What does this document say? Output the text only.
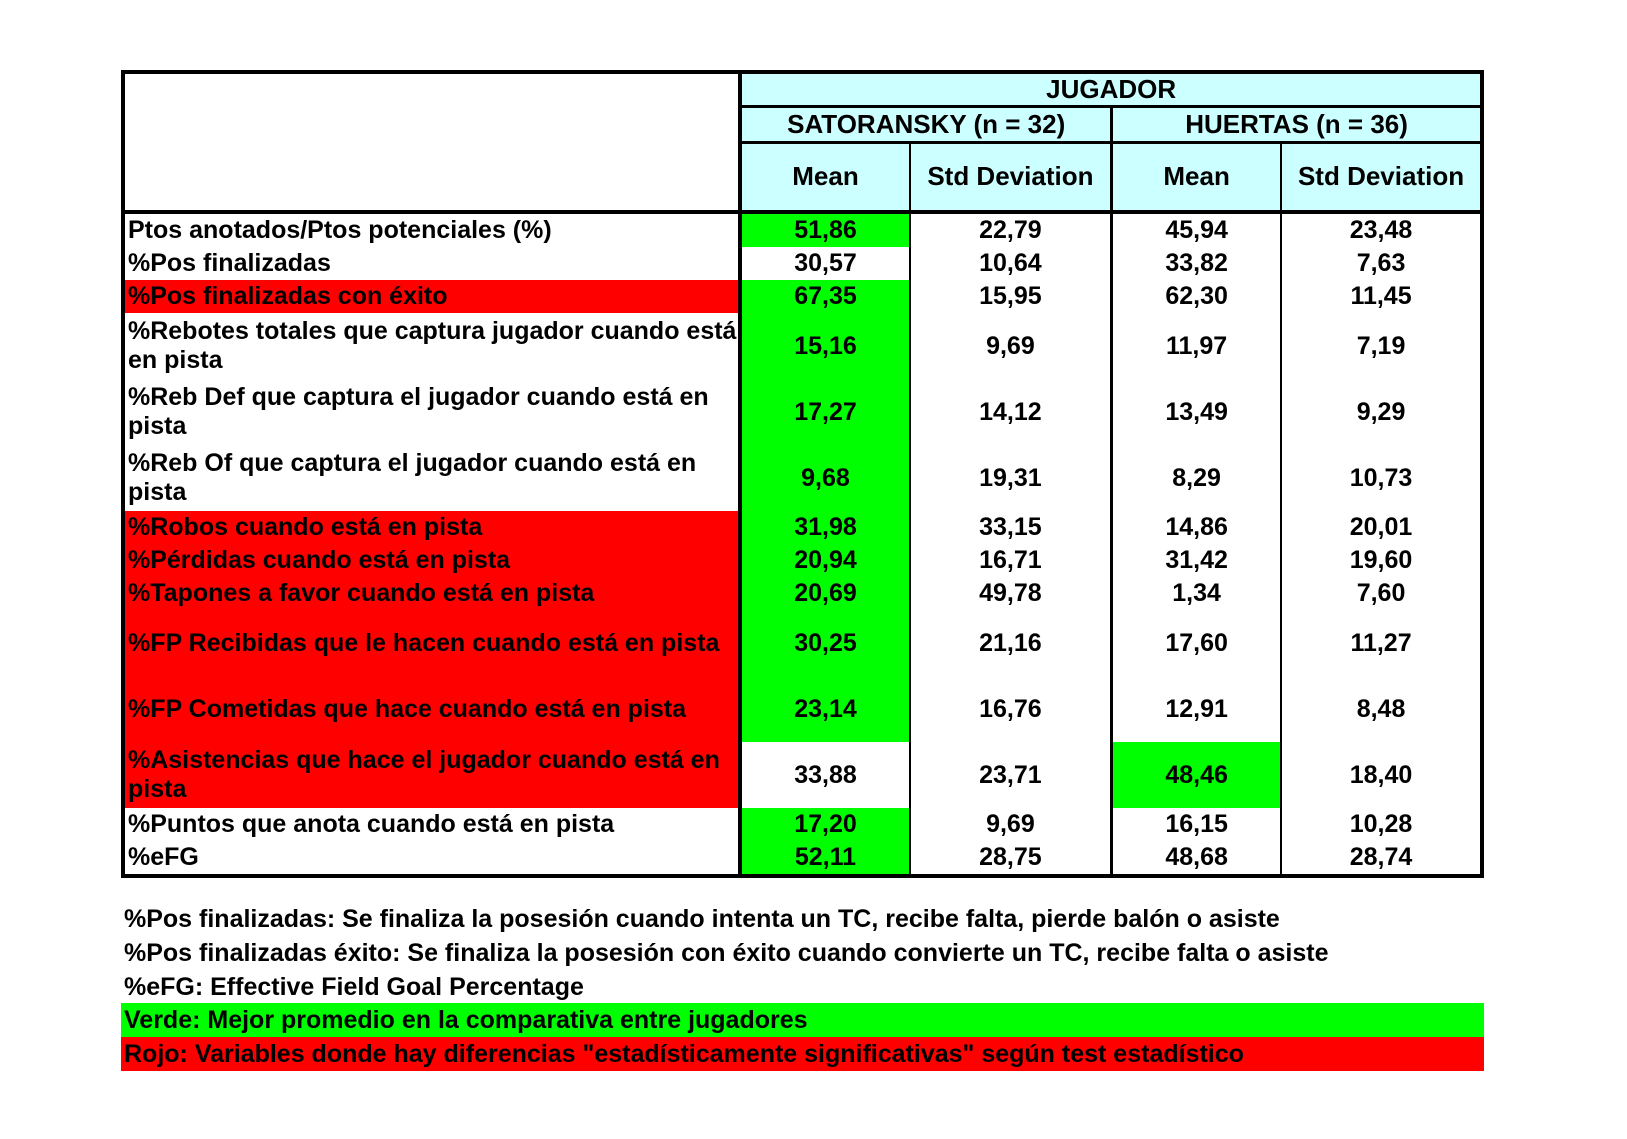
	JUGADOR			
	SATORANSKY (n = 32)		HUERTAS (n = 36)	
	Mean	Std Deviation	Mean	Std Deviation
Ptos anotados/Ptos potenciales (%)	51,86	22,79	45,94	23,48
%Pos finalizadas	30,57	10,64	33,82	7,63
%Pos finalizadas con éxito	67,35	15,95	62,30	11,45
%Rebotes totales que captura jugador cuando está en pista	15,16	9,69	11,97	7,19
%Reb Def que captura el jugador cuando está en pista	17,27	14,12	13,49	9,29
%Reb Of que captura el jugador cuando está en pista	9,68	19,31	8,29	10,73
%Robos cuando está en pista	31,98	33,15	14,86	20,01
%Pérdidas cuando está en pista	20,94	16,71	31,42	19,60
%Tapones a favor cuando está en pista	20,69	49,78	1,34	7,60
%FP Recibidas que le hacen cuando está en pista	30,25	21,16	17,60	11,27
%FP Cometidas que hace cuando está en pista	23,14	16,76	12,91	8,48
%Asistencias que hace el jugador cuando está en pista	33,88	23,71	48,46	18,40
%Puntos que anota cuando está en pista	17,20	9,69	16,15	10,28
%eFG	52,11	28,75	48,68	28,74
%Pos finalizadas: Se finaliza la posesión cuando intenta un TC, recibe falta, pierde balón o asiste
%Pos finalizadas éxito: Se finaliza la posesión con éxito cuando convierte un TC, recibe falta o asiste
%eFG: Effective Field Goal Percentage
Verde: Mejor promedio en la comparativa entre jugadores
Rojo: Variables donde hay diferencias "estadísticamente significativas" según test estadístico
